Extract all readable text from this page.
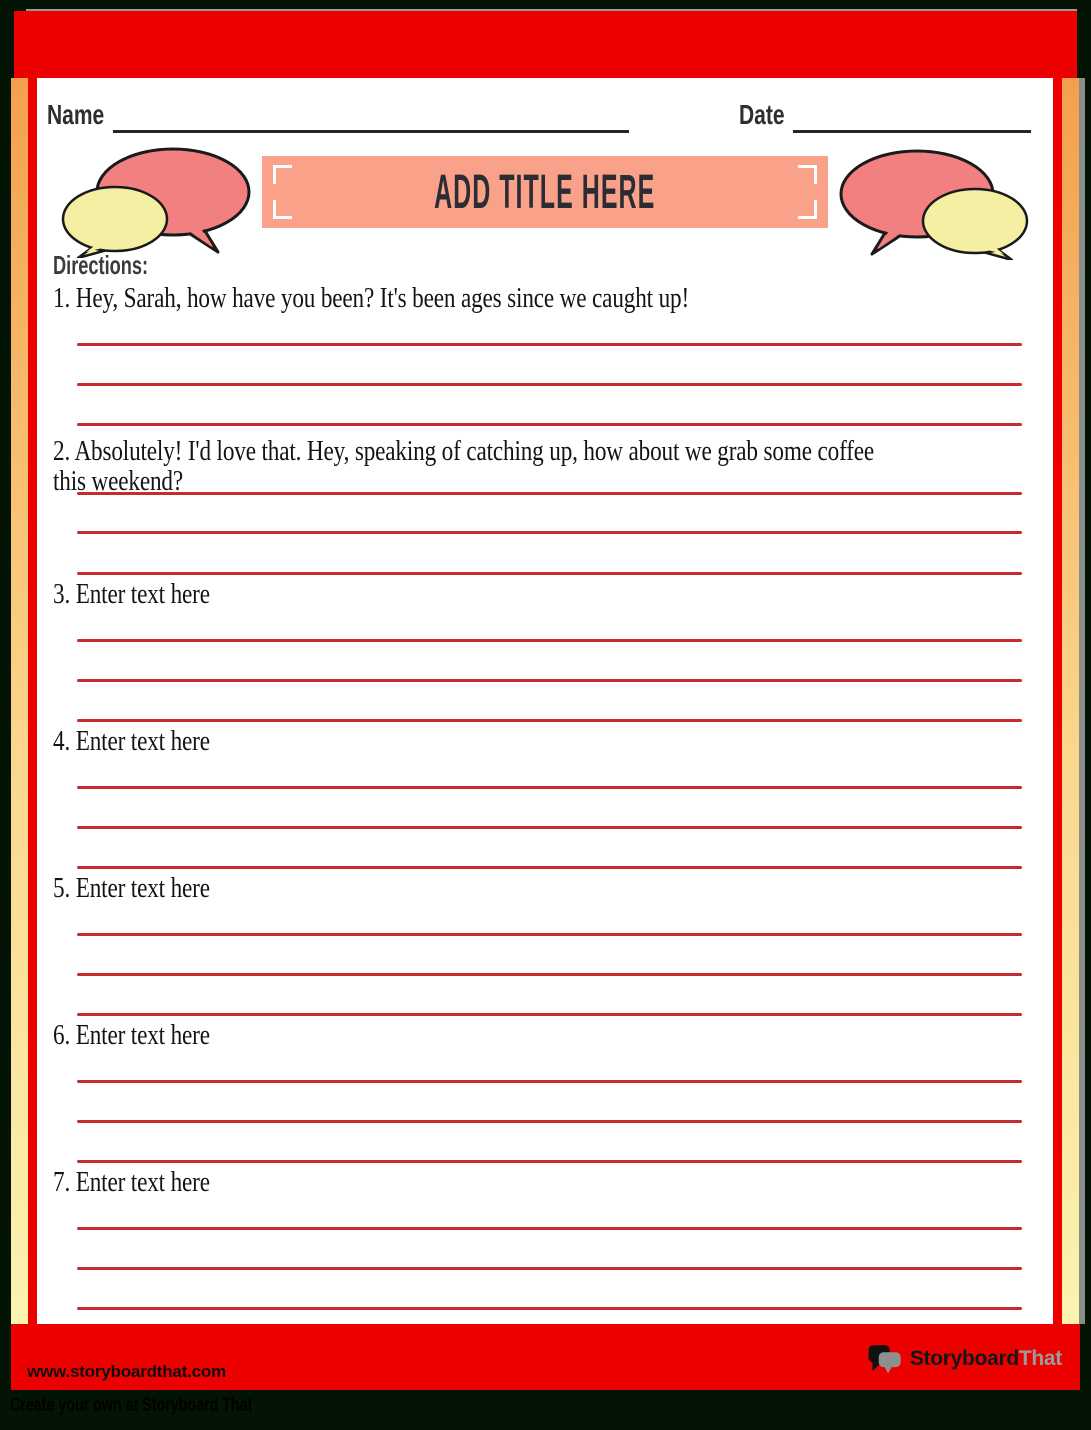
Name	Date
ADD TITLE HERE
Directions:
1. Hey, Sarah, how have you been? It's been ages since we caught up!
2. Absolutely! I'd love that. Hey, speaking of catching up, how about we grab some coffee
this weekend?
3. Enter text here
4. Enter text here
5. Enter text here
6. Enter text here
7. Enter text here
www.storyboardthat.com
StoryboardThat
Create your own at Storyboard That
